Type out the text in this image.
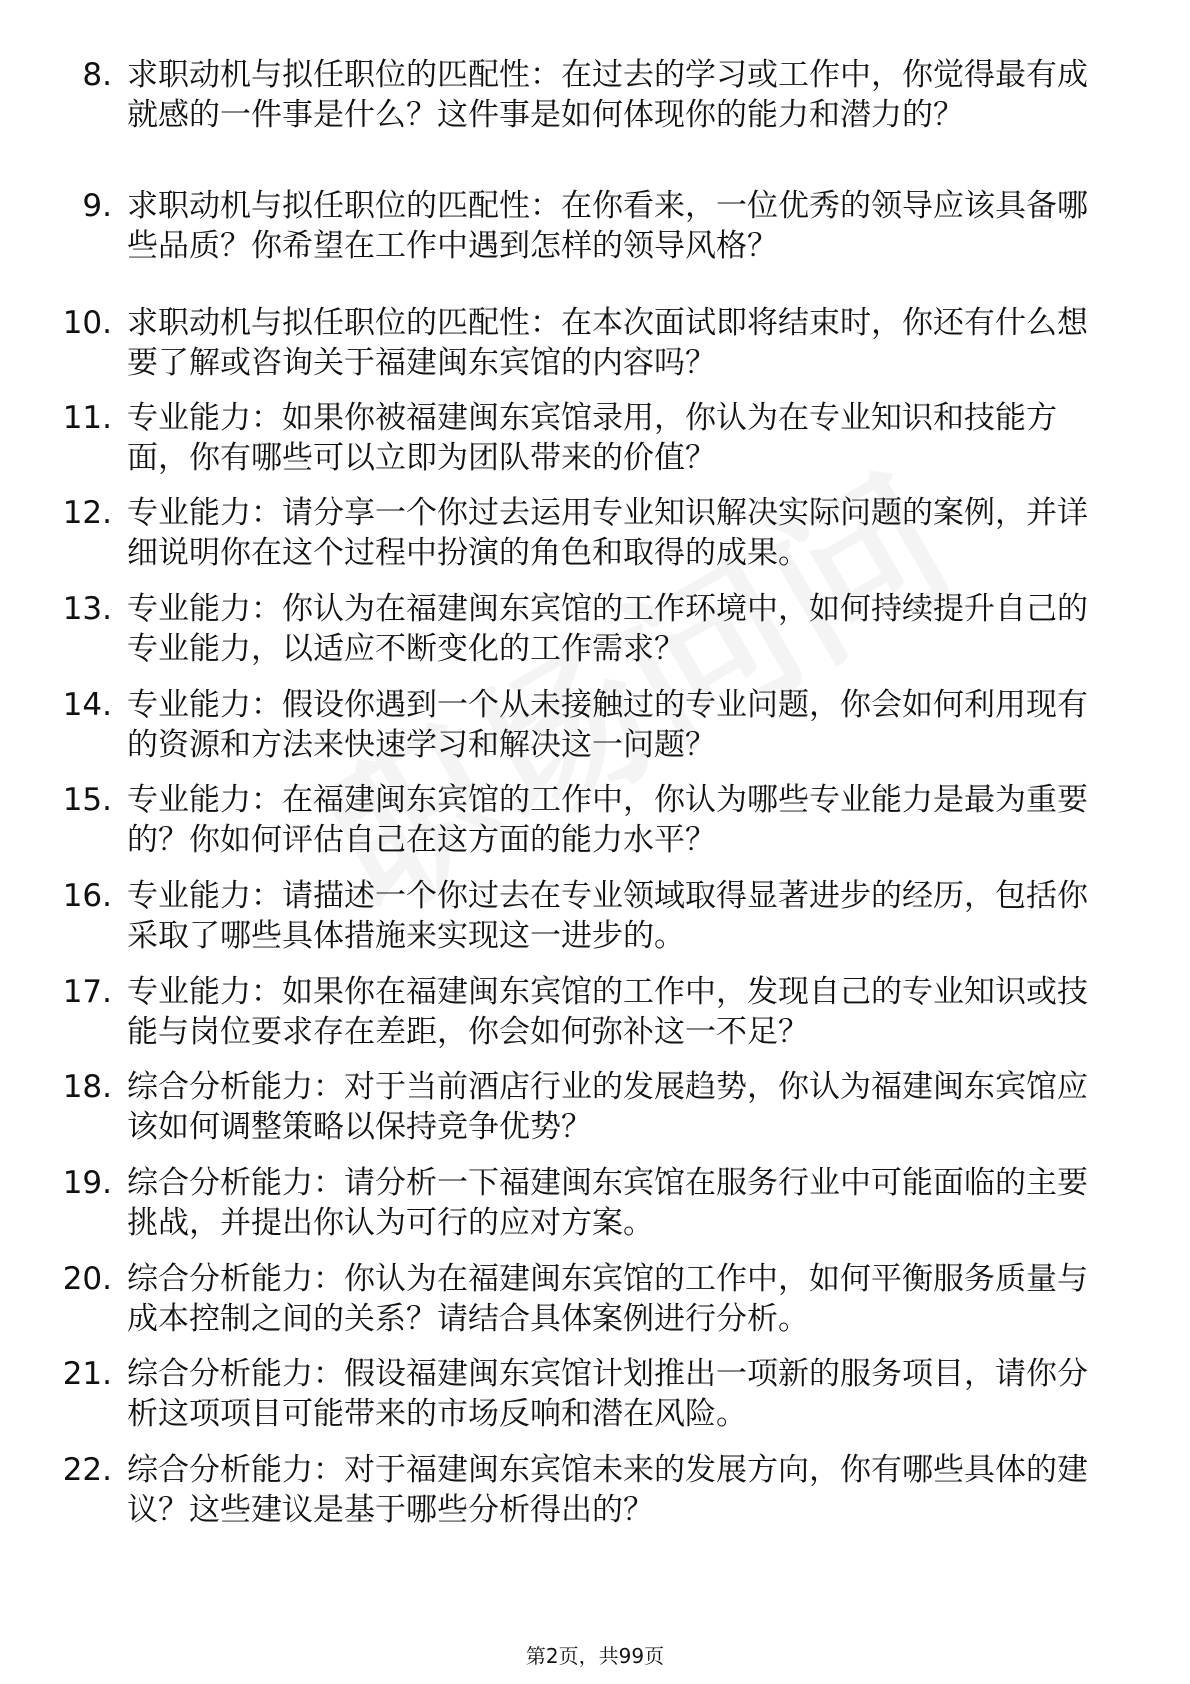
8. 求职动机与拟任职位的匹配性：在过去的学习或工作中，你觉得最有成就感的一件事是什么？这件事是如何体现你的能力和潜力的？
9. 求职动机与拟任职位的匹配性：在你看来，一位优秀的领导应该具备哪些品质？你希望在工作中遇到怎样的领导风格？
10. 求职动机与拟任职位的匹配性：在本次面试即将结束时，你还有什么想要了解或咨询关于福建闽东宾馆的内容吗？
11. 专业能力：如果你被福建闽东宾馆录用，你认为在专业知识和技能方面，你有哪些可以立即为团队带来的价值？
12. 专业能力：请分享一个你过去运用专业知识解决实际问题的案例，并详细说明你在这个过程中扮演的角色和取得的成果。
13. 专业能力：你认为在福建闽东宾馆的工作环境中，如何持续提升自己的专业能力，以适应不断变化的工作需求？
14. 专业能力：假设你遇到一个从未接触过的专业问题，你会如何利用现有的资源和方法来快速学习和解决这一问题？
15. 专业能力：在福建闽东宾馆的工作中，你认为哪些专业能力是最为重要的？你如何评估自己在这方面的能力水平？
16. 专业能力：请描述一个你过去在专业领域取得显著进步的经历，包括你采取了哪些具体措施来实现这一进步的。
17. 专业能力：如果你在福建闽东宾馆的工作中，发现自己的专业知识或技能与岗位要求存在差距，你会如何弥补这一不足？
18. 综合分析能力：对于当前酒店行业的发展趋势，你认为福建闽东宾馆应该如何调整策略以保持竞争优势？
19. 综合分析能力：请分析一下福建闽东宾馆在服务行业中可能面临的主要挑战，并提出你认为可行的应对方案。
20. 综合分析能力：你认为在福建闽东宾馆的工作中，如何平衡服务质量与成本控制之间的关系？请结合具体案例进行分析。
21. 综合分析能力：假设福建闽东宾馆计划推出一项新的服务项目，请你分析这项项目可能带来的市场反响和潜在风险。
22. 综合分析能力：对于福建闽东宾馆未来的发展方向，你有哪些具体的建议？这些建议是基于哪些分析得出的？
第2页，共99页
